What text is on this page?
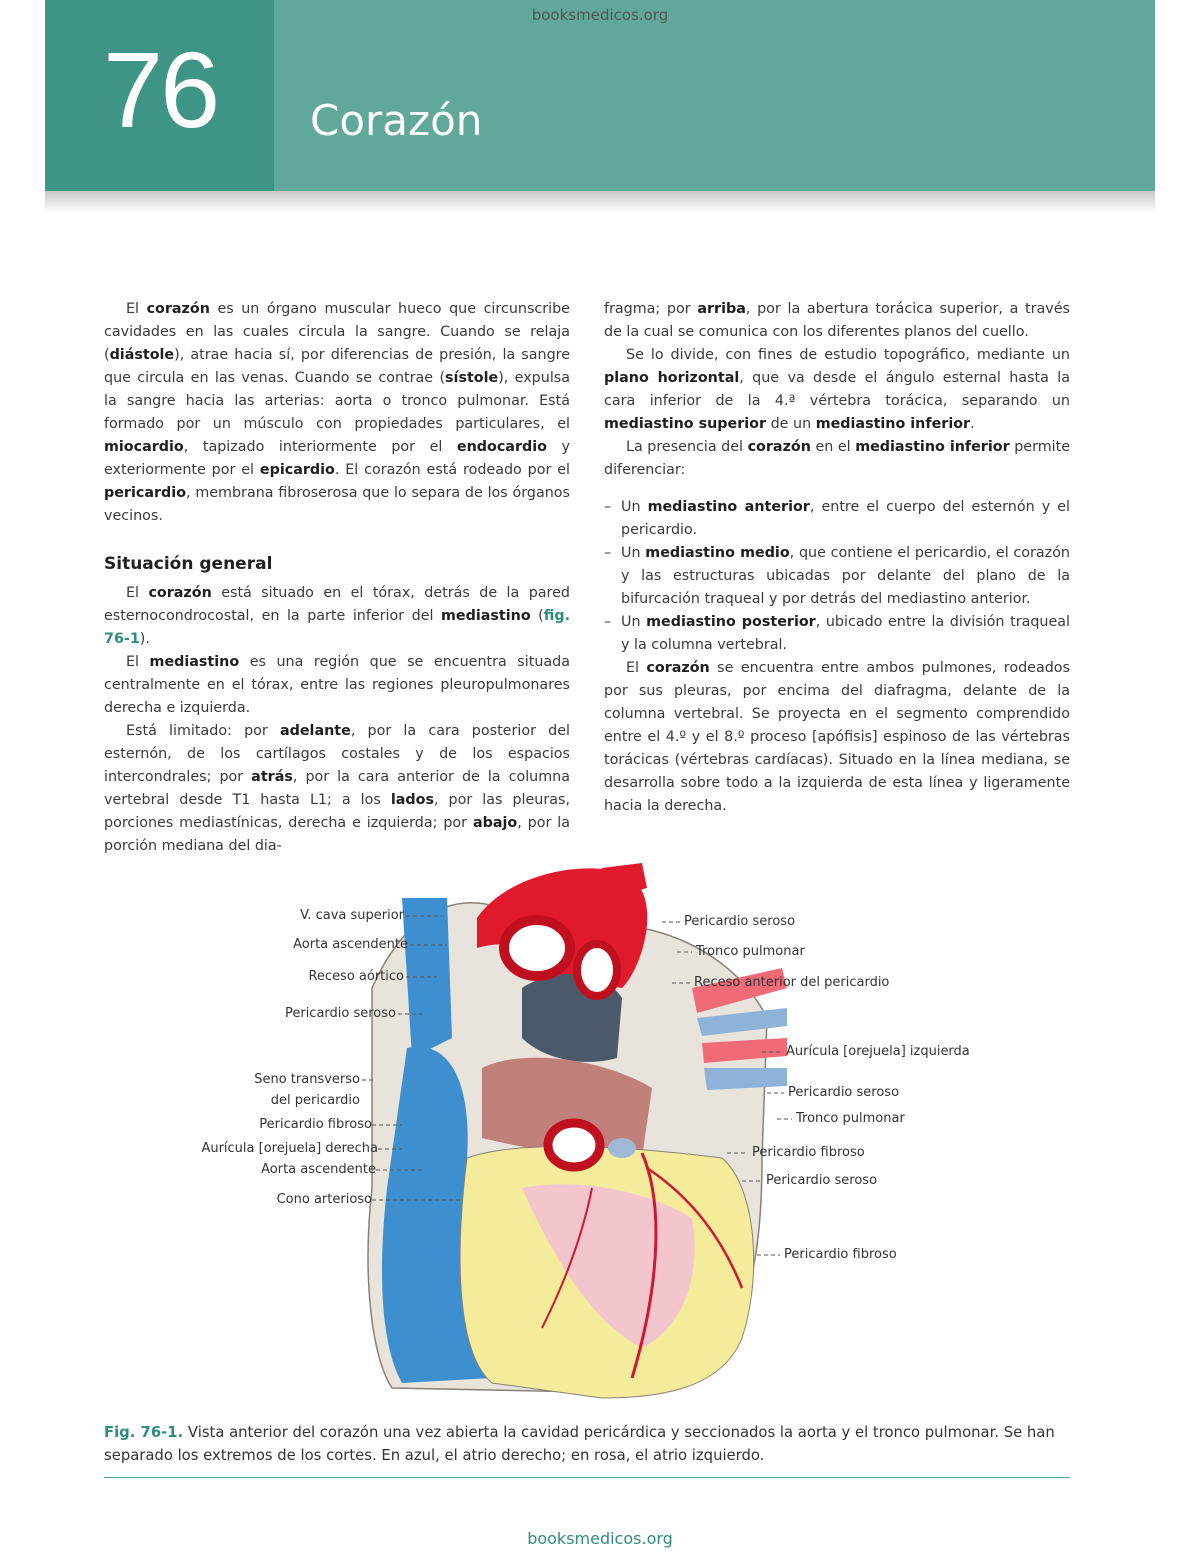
booksmedicos.org
76 Corazón

El corazón es un órgano muscular hueco que circunscribe cavidades en las cuales circula la sangre. Cuando se relaja (diástole), atrae hacia sí, por diferencias de presión, la sangre que circula en las venas. Cuando se contrae (sístole), expulsa la sangre hacia las arterias: aorta o tronco pulmonar. Está formado por un músculo con propiedades particulares, el miocardio, tapizado interiormente por el endocardio y exteriormente por el epicardio. El corazón está rodeado por el pericardio, membrana fibroserosa que lo separa de los órganos vecinos.

Situación general

El corazón está situado en el tórax, detrás de la pared esternocondrocostal, en la parte inferior del mediastino (fig. 76-1).

El mediastino es una región que se encuentra situada centralmente en el tórax, entre las regiones pleuropulmonares derecha e izquierda.

Está limitado: por adelante, por la cara posterior del esternón, de los cartílagos costales y de los espacios intercondrales; por atrás, por la cara anterior de la columna vertebral desde T1 hasta L1; a los lados, por las pleuras, porciones mediastínicas, derecha e izquierda; por abajo, por la porción mediana del dia-

fragma; por arriba, por la abertura torácica superior, a través de la cual se comunica con los diferentes planos del cuello.

Se lo divide, con fines de estudio topográfico, mediante un plano horizontal, que va desde el ángulo esternal hasta la cara inferior de la 4.ª vértebra torácica, separando un mediastino superior de un mediastino inferior.

La presencia del corazón en el mediastino inferior permite diferenciar:

– Un mediastino anterior, entre el cuerpo del esternón y el pericardio.
– Un mediastino medio, que contiene el pericardio, el corazón y las estructuras ubicadas por delante del plano de la bifurcación traqueal y por detrás del mediastino anterior.
– Un mediastino posterior, ubicado entre la división traqueal y la columna vertebral.

El corazón se encuentra entre ambos pulmones, rodeados por sus pleuras, por encima del diafragma, delante de la columna vertebral. Se proyecta en el segmento comprendido entre el 4.º y el 8.º proceso [apófisis] espinoso de las vértebras torácicas (vértebras cardíacas). Situado en la línea mediana, se desarrolla sobre todo a la izquierda de esta línea y ligeramente hacia la derecha.

V. cava superior
Aorta ascendente
Receso aórtico
Pericardio seroso
Seno transverso
del pericardio
Pericardio fibroso
Aurícula [orejuela] derecha
Aorta ascendente
Cono arterioso
Pericardio seroso
Tronco pulmonar
Receso anterior del pericardio
Aurícula [orejuela] izquierda
Pericardio seroso
Tronco pulmonar
Pericardio fibroso
Pericardio seroso
Pericardio fibroso
Fig. 76-1. Vista anterior del corazón una vez abierta la cavidad pericárdica y seccionados la aorta y el tronco pulmonar. Se han separado los extremos de los cortes. En azul, el atrio derecho; en rosa, el atrio izquierdo.
booksmedicos.org
